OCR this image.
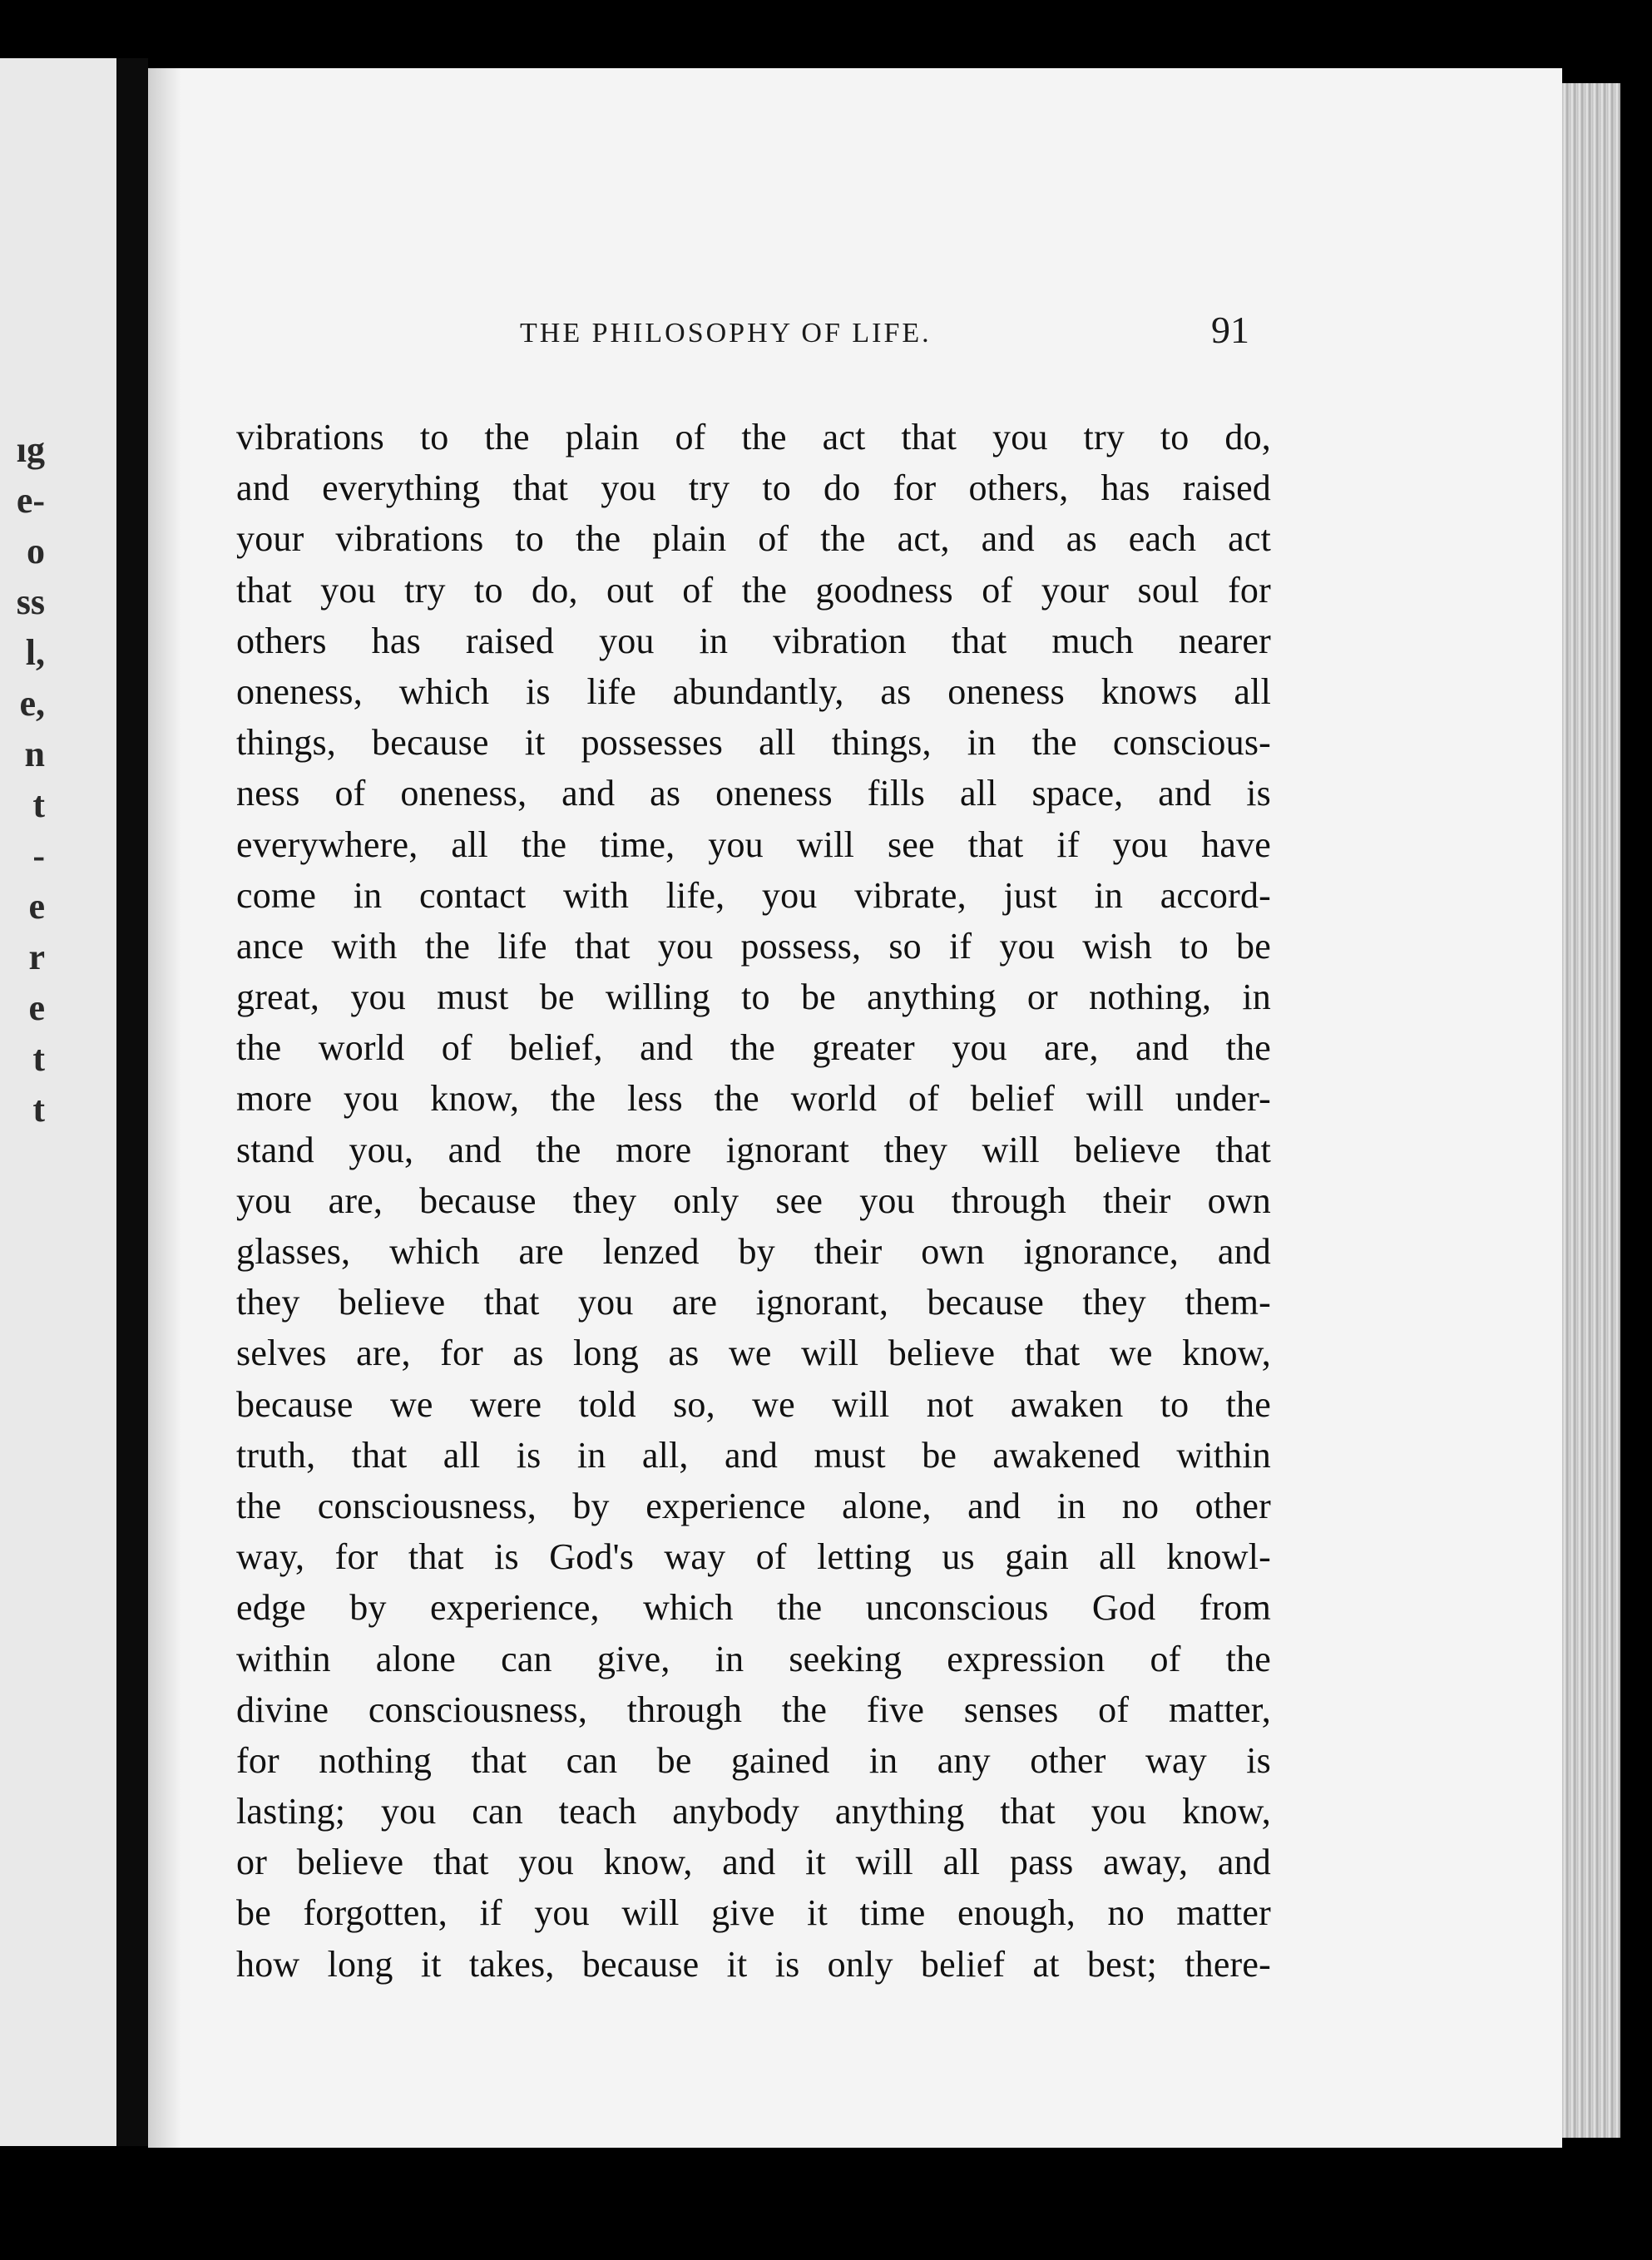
ıg
e-
o
ss
l,
e,
n
t
-
e
r
e
t
t
THE PHILOSOPHY OF LIFE.	91
vibrations to the plain of the act that you try to do,
and everything that you try to do for others, has raised
your vibrations to the plain of the act, and as each act
that you try to do, out of the goodness of your soul for
others has raised you in vibration that much nearer
oneness, which is life abundantly, as oneness knows all
things, because it possesses all things, in the conscious-
ness of oneness, and as oneness fills all space, and is
everywhere, all the time, you will see that if you have
come in contact with life, you vibrate, just in accord-
ance with the life that you possess, so if you wish to be
great, you must be willing to be anything or nothing, in
the world of belief, and the greater you are, and the
more you know, the less the world of belief will under-
stand you, and the more ignorant they will believe that
you are, because they only see you through their own
glasses, which are lenzed by their own ignorance, and
they believe that you are ignorant, because they them-
selves are, for as long as we will believe that we know,
because we were told so, we will not awaken to the
truth, that all is in all, and must be awakened within
the consciousness, by experience alone, and in no other
way, for that is God's way of letting us gain all knowl-
edge by experience, which the unconscious God from
within alone can give, in seeking expression of the
divine consciousness, through the five senses of matter,
for nothing that can be gained in any other way is
lasting; you can teach anybody anything that you know,
or believe that you know, and it will all pass away, and
be forgotten, if you will give it time enough, no matter
how long it takes, because it is only belief at best; there-
